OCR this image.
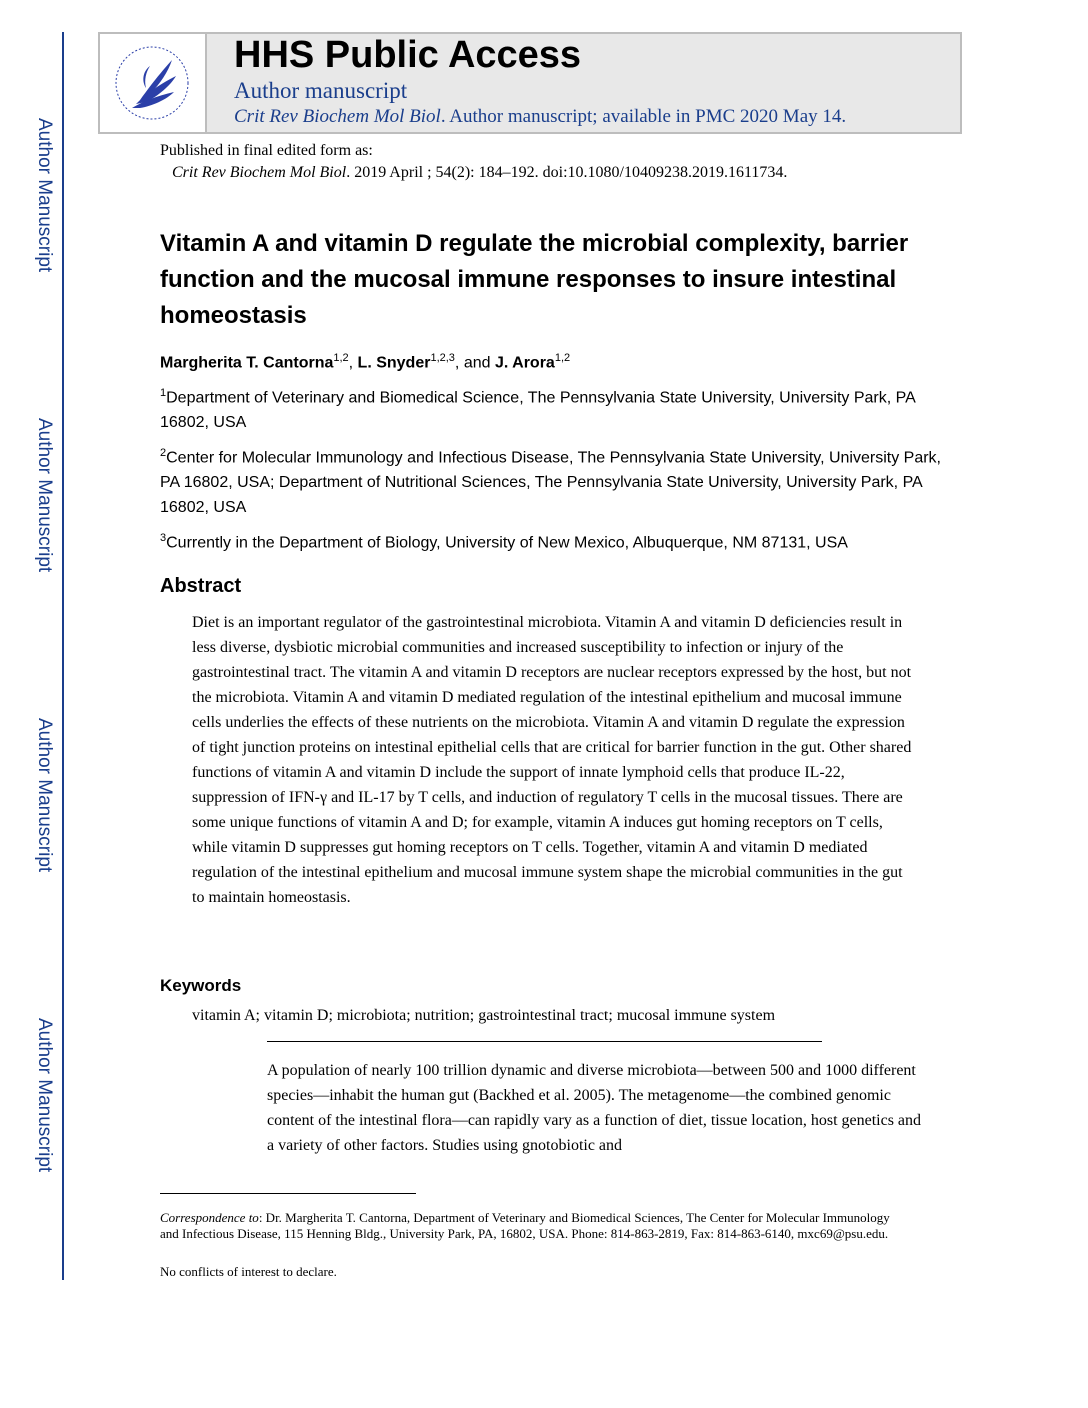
Author Manuscript
Author Manuscript
Author Manuscript
Author Manuscript
HHS Public Access
Author manuscript
Crit Rev Biochem Mol Biol. Author manuscript; available in PMC 2020 May 14.
Published in final edited form as:
Crit Rev Biochem Mol Biol. 2019 April ; 54(2): 184–192. doi:10.1080/10409238.2019.1611734.
Vitamin A and vitamin D regulate the microbial complexity, barrier function and the mucosal immune responses to insure intestinal homeostasis
Margherita T. Cantorna$^{1,2}$, L. Snyder$^{1,2,3}$, and J. Arora$^{1,2}$
$^1$Department of Veterinary and Biomedical Science, The Pennsylvania State University, University Park, PA 16802, USA
$^2$Center for Molecular Immunology and Infectious Disease, The Pennsylvania State University, University Park, PA 16802, USA; Department of Nutritional Sciences, The Pennsylvania State University, University Park, PA 16802, USA
$^3$Currently in the Department of Biology, University of New Mexico, Albuquerque, NM 87131, USA
Abstract
Diet is an important regulator of the gastrointestinal microbiota. Vitamin A and vitamin D deficiencies result in less diverse, dysbiotic microbial communities and increased susceptibility to infection or injury of the gastrointestinal tract. The vitamin A and vitamin D receptors are nuclear receptors expressed by the host, but not the microbiota. Vitamin A and vitamin D mediated regulation of the intestinal epithelium and mucosal immune cells underlies the effects of these nutrients on the microbiota. Vitamin A and vitamin D regulate the expression of tight junction proteins on intestinal epithelial cells that are critical for barrier function in the gut. Other shared functions of vitamin A and vitamin D include the support of innate lymphoid cells that produce IL-22, suppression of IFN-γ and IL-17 by T cells, and induction of regulatory T cells in the mucosal tissues. There are some unique functions of vitamin A and D; for example, vitamin A induces gut homing receptors on T cells, while vitamin D suppresses gut homing receptors on T cells. Together, vitamin A and vitamin D mediated regulation of the intestinal epithelium and mucosal immune system shape the microbial communities in the gut to maintain homeostasis.
Keywords
vitamin A; vitamin D; microbiota; nutrition; gastrointestinal tract; mucosal immune system
A population of nearly 100 trillion dynamic and diverse microbiota—between 500 and 1000 different species—inhabit the human gut (Backhed et al. 2005). The metagenome—the combined genomic content of the intestinal flora—can rapidly vary as a function of diet, tissue location, host genetics and a variety of other factors. Studies using gnotobiotic and
Correspondence to: Dr. Margherita T. Cantorna, Department of Veterinary and Biomedical Sciences, The Center for Molecular Immunology and Infectious Disease, 115 Henning Bldg., University Park, PA, 16802, USA. Phone: 814-863-2819, Fax: 814-863-6140, mxc69@psu.edu.
No conflicts of interest to declare.
